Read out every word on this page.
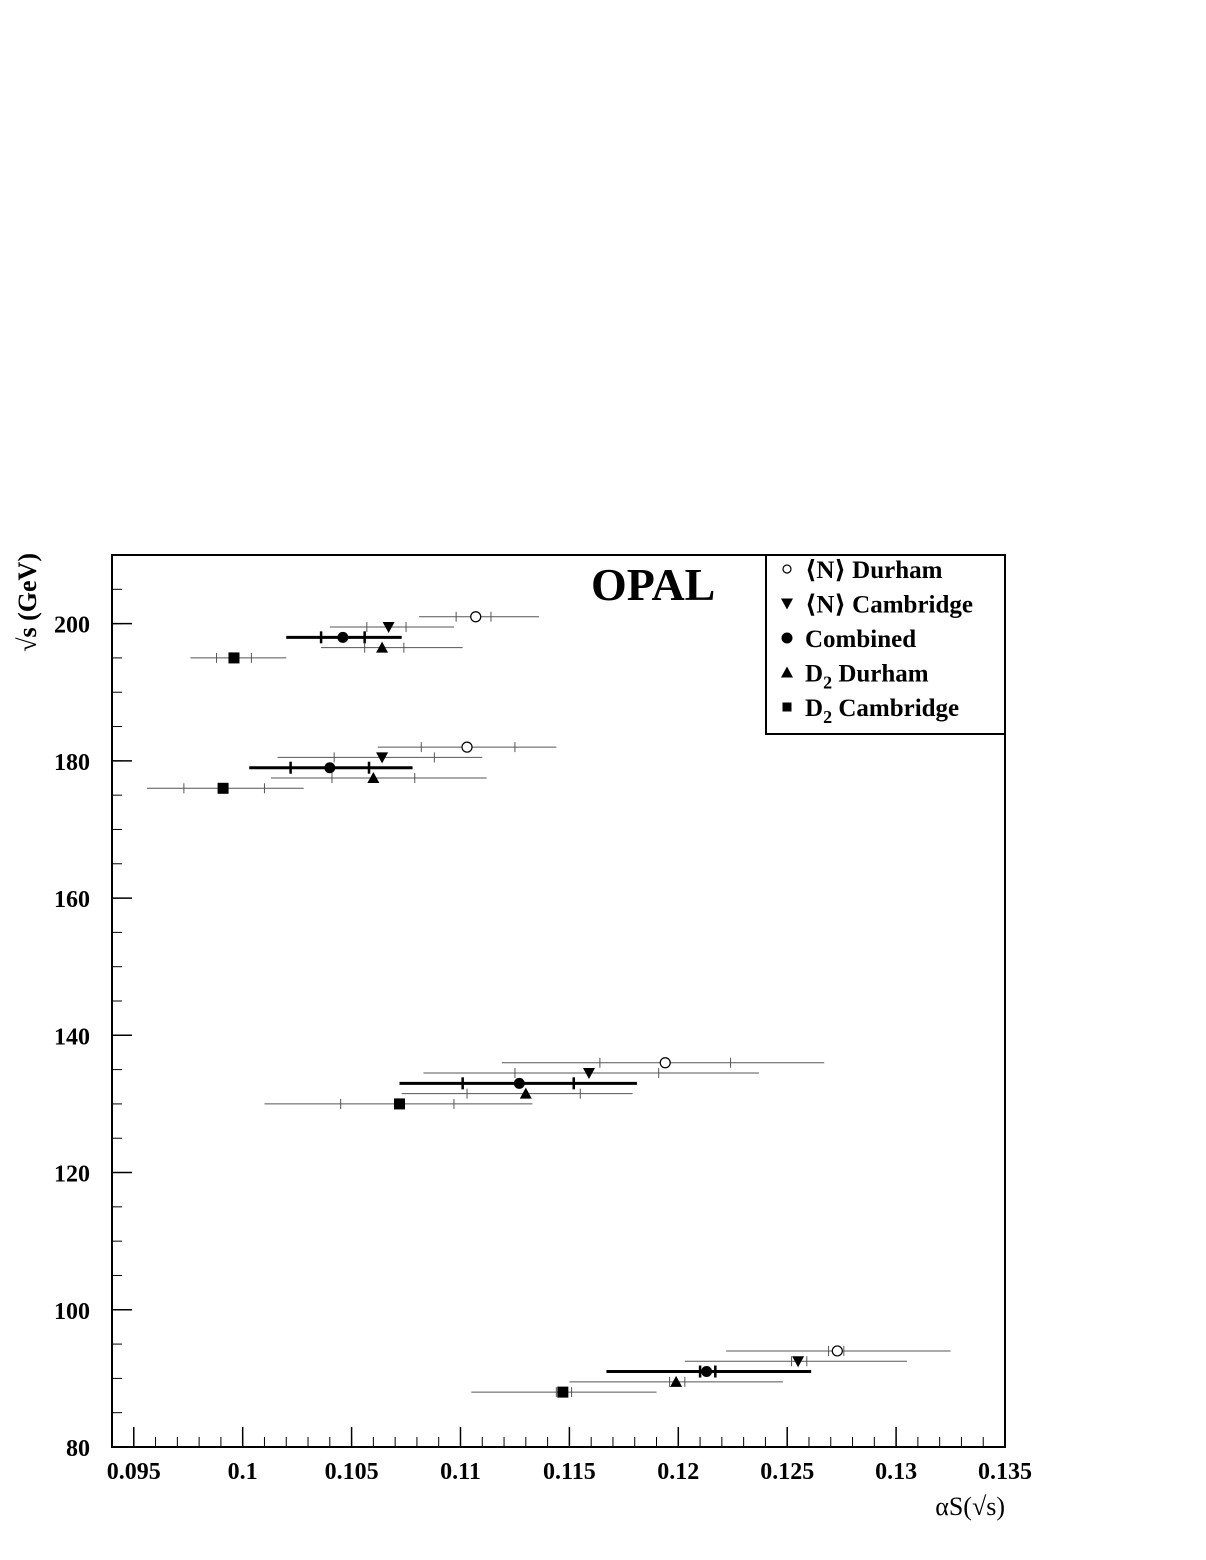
0.095	0.1	0.105	0.11	0.115	0.12	0.125	0.13	0.135
80
100
120
140
160
180
200
OPAL	⟨N⟩ Durham
⟨N⟩ Cambridge
Combined
$D_2$ Durham
$D_2$ Cambridge
αS(√s)
√s (GeV)
